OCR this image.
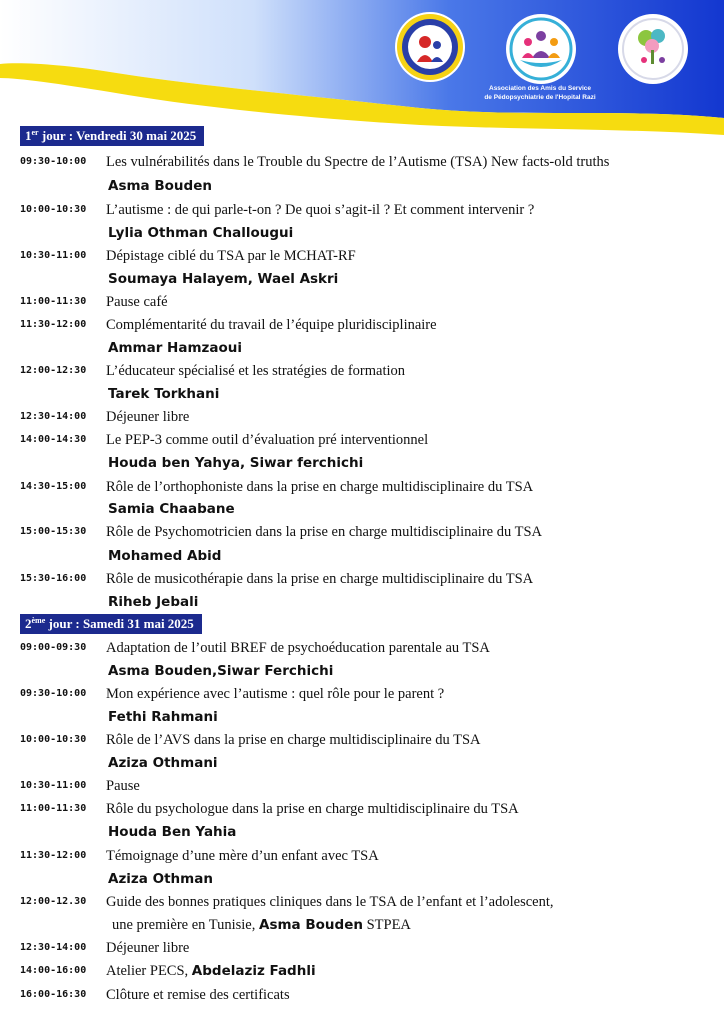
Association des Amis du Service
de Pédopsychiatrie de l'Hopital Razi
1er jour : Vendredi 30 mai 2025
09:30-10:00	Les vulnérabilités dans le Trouble du Spectre de l’Autisme (TSA) New facts-old truths
Asma Bouden
10:00-10:30	L’autisme : de qui parle-t-on ? De quoi s’agit-il ? Et comment intervenir ?
Lylia Othman Challougui
10:30-11:00	Dépistage ciblé du TSA par le MCHAT-RF
Soumaya Halayem, Wael Askri
11:00-11:30	Pause café
11:30-12:00	Complémentarité du travail de l’équipe pluridisciplinaire
Ammar Hamzaoui
12:00-12:30	L’éducateur spécialisé et les stratégies de formation
Tarek Torkhani
12:30-14:00	Déjeuner libre
14:00-14:30	Le PEP-3 comme outil d’évaluation pré interventionnel
Houda ben Yahya, Siwar ferchichi
14:30-15:00	Rôle de l’orthophoniste dans la prise en charge multidisciplinaire du TSA
Samia Chaabane
15:00-15:30	Rôle de Psychomotricien dans la prise en charge multidisciplinaire du TSA
Mohamed Abid
15:30-16:00	Rôle de musicothérapie dans la prise en charge multidisciplinaire du TSA
Riheb Jebali
2ème jour : Samedi 31 mai 2025
09:00-09:30	Adaptation de l’outil BREF de psychoéducation parentale au TSA
Asma Bouden,Siwar Ferchichi
09:30-10:00	Mon expérience avec l’autisme : quel rôle pour le parent ?
Fethi Rahmani
10:00-10:30	Rôle de l’AVS dans la prise en charge multidisciplinaire du TSA
Aziza Othmani
10:30-11:00	Pause
11:00-11:30	Rôle du psychologue dans la prise en charge multidisciplinaire du TSA
Houda Ben Yahia
11:30-12:00	Témoignage d’une mère d’un enfant avec TSA
Aziza Othman
12:00-12.30	Guide des bonnes pratiques cliniques dans le TSA de l’enfant et l’adolescent,
une première en Tunisie, Asma Bouden STPEA
12:30-14:00	Déjeuner libre
14:00-16:00	Atelier PECS, Abdelaziz Fadhli
16:00-16:30	Clôture et remise des certificats
